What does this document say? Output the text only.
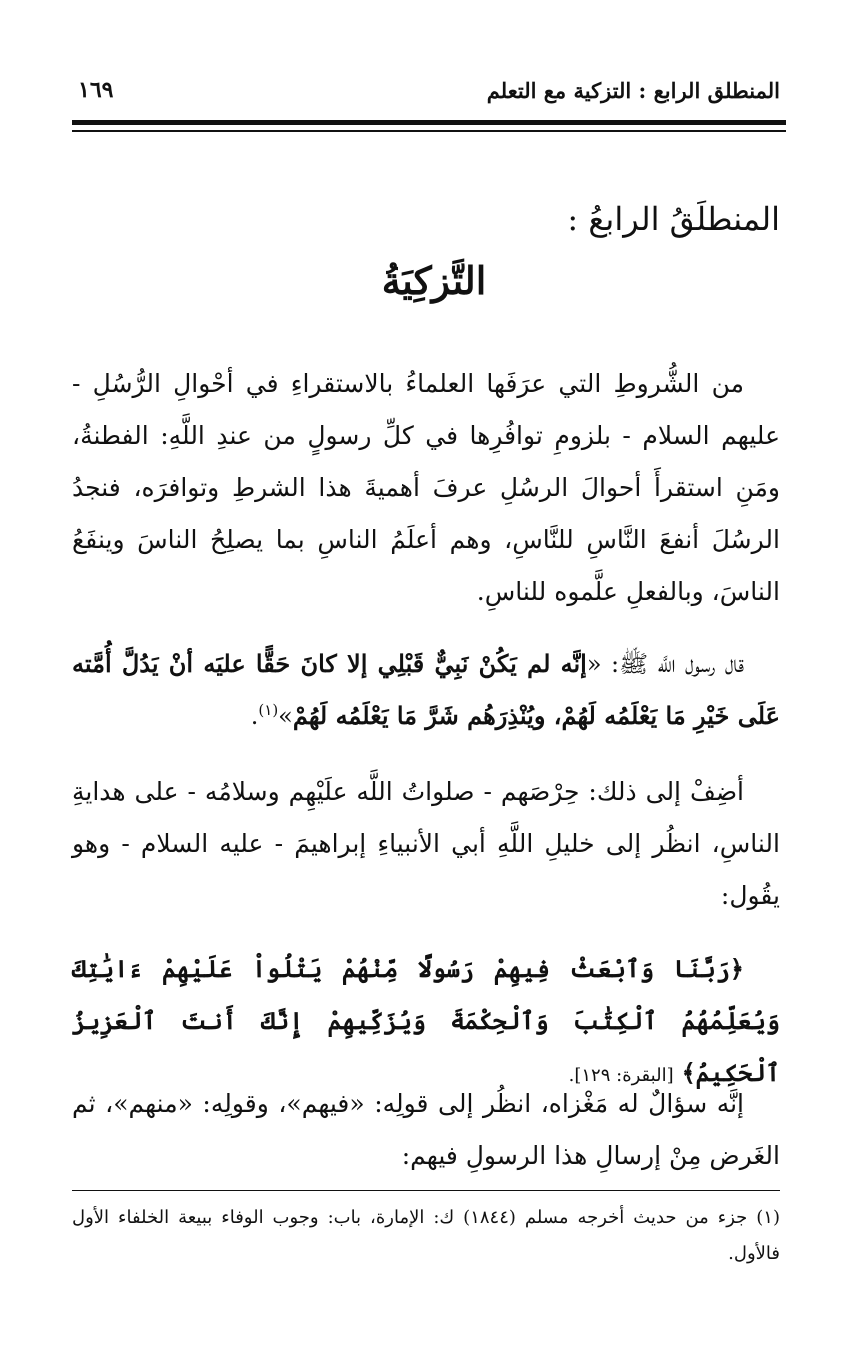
المنطلق الرابع : التزكية مع التعلم
١٦٩
المنطلَقُ الرابعُ :
التَّزكِيَةُ

من الشُّروطِ التي عرَفَها العلماءُ بالاستقراءِ في أحْوالِ الرُّسُلِ - عليهم السلام - بلزومِ توافُرِها في كلِّ رسولٍ من عندِ اللَّهِ: الفطنةُ، ومَنِ استقرأَ أحوالَ الرسُلِ عرفَ أهميةَ هذا الشرطِ وتوافرَه، فنجدُ الرسُلَ أنفعَ النَّاسِ للنَّاسِ، وهم أعلَمُ الناسِ بما يصلِحُ الناسَ وينفَعُ الناسَ، وبالفعلِ علَّموه للناسِ.

قال رسول اللَّه ﷺ: «إنَّه لم يَكُنْ نَبِيٌّ قَبْلِي إلا كانَ حَقًّا عليَه أنْ يَدُلَّ أُمَّته عَلَى خَيْرِ مَا يَعْلَمُه لَهُمْ، ويُنْذِرَهُم شَرَّ مَا يَعْلَمُه لَهُمْ»$^{(١)}$.

أضِفْ إلى ذلك: حِرْصَهم - صلواتُ اللَّه علَيْهِم وسلامُه - على هدايةِ الناسِ، انظُر إلى خليلِ اللَّهِ أبي الأنبياءِ إبراهيمَ - عليه السلام - وهو يقُول:

﴿رَبَّنَا وَٱبْعَثْ فِيهِمْ رَسُولًا مِّنْهُمْ يَتْلُواْ عَلَيْهِمْ ءَايَٰتِكَ وَيُعَلِّمُهُمُ ٱلْكِتَٰبَ وَٱلْحِكْمَةَ وَيُزَكِّيهِمْ إِنَّكَ أَنتَ ٱلْعَزِيزُ ٱلْحَكِيمُ﴾ [البقرة: ١٢٩].

إنَّه سؤالٌ له مَغْزاه، انظُر إلى قولِه: «فيهم»، وقولِه: «منهم»، ثم الغَرض مِنْ إرسالِ هذا الرسولِ فيهم:

(١) جزء من حديث أخرجه مسلم (١٨٤٤) ك: الإمارة، باب: وجوب الوفاء ببيعة الخلفاء الأول فالأول.
